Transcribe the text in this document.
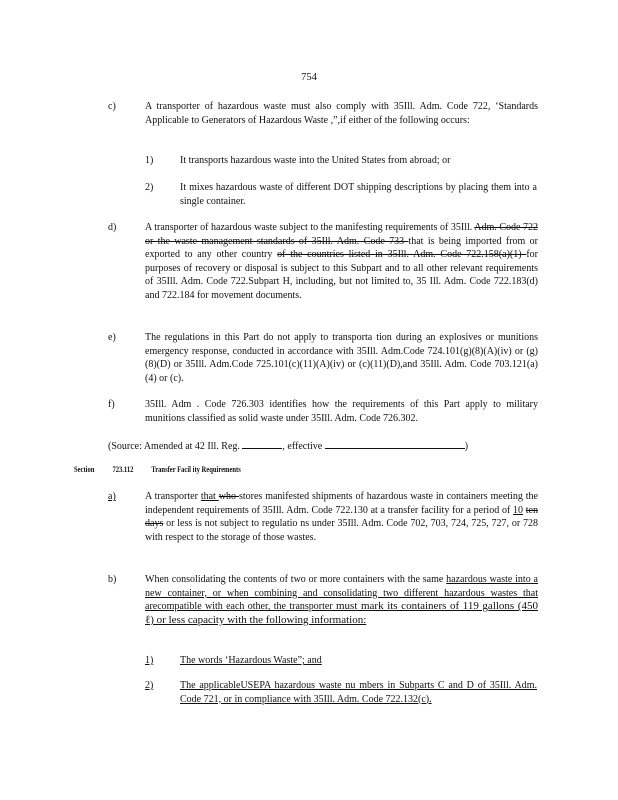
754
c)	A transporter of hazardous waste must also comply with 35Ill. Adm. Code 722, ‘Standards Applicable to Generators of Hazardous Waste ,”,if either of the following occurs:
1)	It transports hazardous waste into the United States from abroad; or
2)	It mixes hazardous waste of different DOT shipping descriptions by placing them into a single container.
d)	A transporter of hazardous waste subject to the manifesting requirements of 35Ill. Adm. Code 722 or the waste management standards of 35Ill. Adm. Code 733 that is being imported from or exported to any other country of the countries listed in 35Ill. Adm. Code 722.158(a)(1) for purposes of recovery or disposal is subject to this Subpart and to all other relevant requirements of 35Ill. Adm. Code 722.Subpart H, including, but not limited to, 35 Ill. Adm. Code 722.183(d) and 722.184 for movement documents.
e)	The regulations in this Part do not apply to transporta tion during an explosives or munitions emergency response, conducted in accordance with 35Ill. Adm.Code 724.101(g)(8)(A)(iv) or (g)(8)(D) or 35Ill. Adm.Code 725.101(c)(11)(A)(iv) or (c)(11)(D),and 35Ill. Adm. Code 703.121(a)(4) or (c).
f)	35Ill. Adm . Code 726.303 identifies how the requirements of this Part apply to military munitions classified as solid waste under 35Ill. Adm. Code 726.302.
(Source: Amended at 42 Ill. Reg.	, effective	)
Section 723.112 Transfer Facil ity Requirements
a)	A transporter that who stores manifested shipments of hazardous waste in containers meeting the independent requirements of 35Ill. Adm. Code 722.130 at a transfer facility for a period of 10 ten days or less is not subject to regulatio ns under 35Ill. Adm. Code 702, 703, 724, 725, 727, or 728 with respect to the storage of those wastes.
b)	When consolidating the contents of two or more containers with the same hazardous waste into a new container, or when combining and consolidating two different hazardous wastes that arecompatible with each other, the transporter must mark its containers of 119 gallons (450 ℓ) or less capacity with the following information:
1)	The words ‘Hazardous Waste”; and
2)	The applicableUSEPA hazardous waste nu mbers in Subparts C and D of 35Ill. Adm. Code 721, or in compliance with 35Ill. Adm. Code 722.132(c).
